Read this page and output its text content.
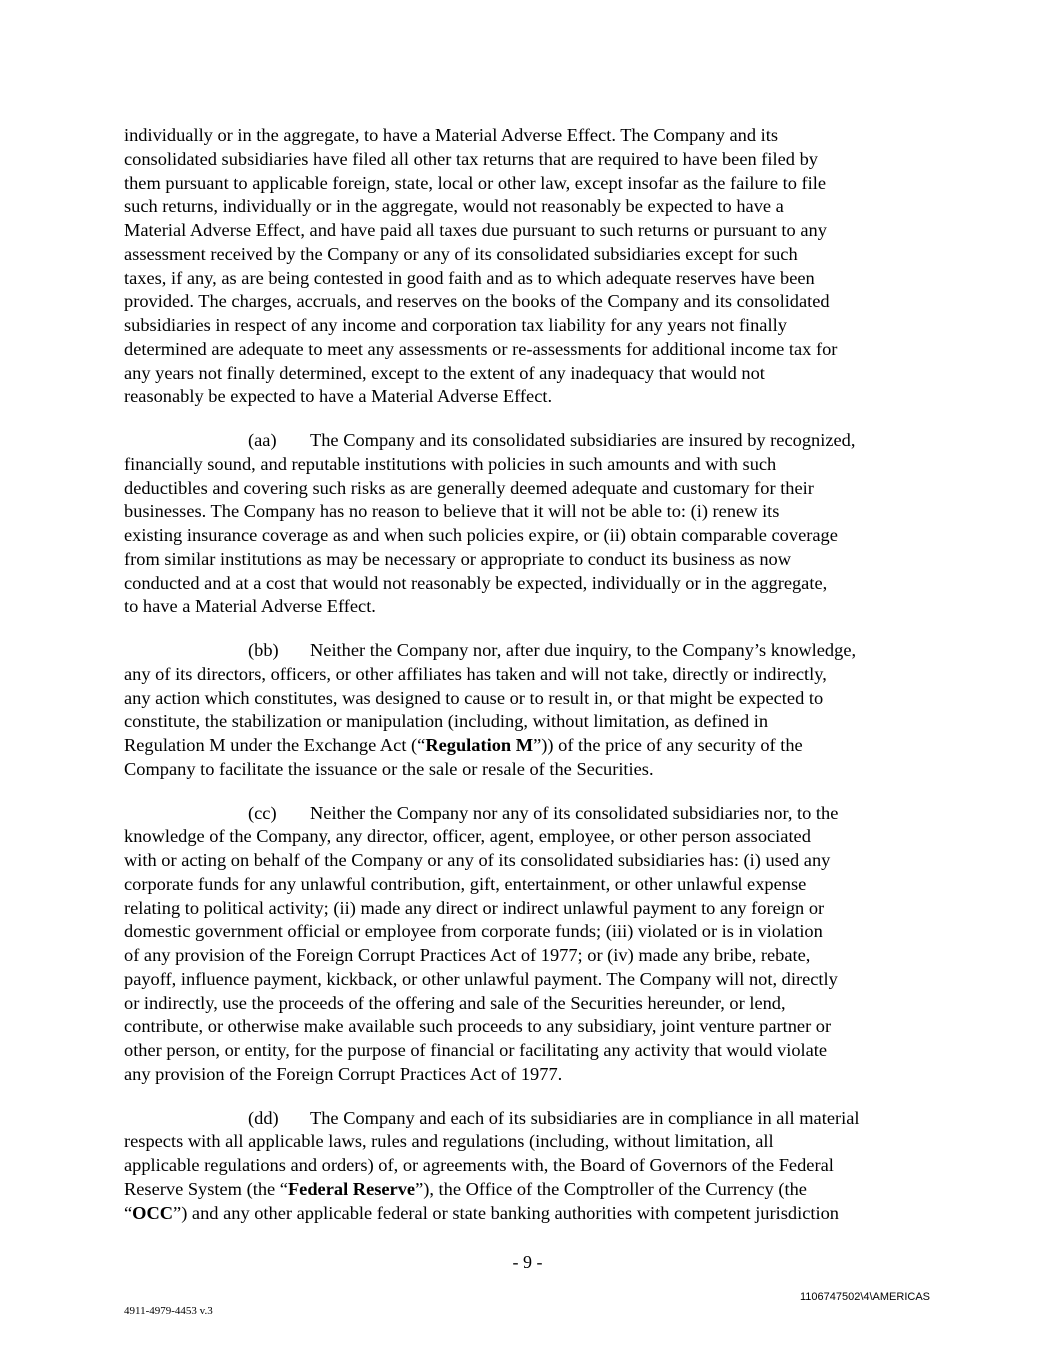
individually or in the aggregate, to have a Material Adverse Effect. The Company and its

consolidated subsidiaries have filed all other tax returns that are required to have been filed by

them pursuant to applicable foreign, state, local or other law, except insofar as the failure to file

such returns, individually or in the aggregate, would not reasonably be expected to have a

Material Adverse Effect, and have paid all taxes due pursuant to such returns or pursuant to any

assessment received by the Company or any of its consolidated subsidiaries except for such

taxes, if any, as are being contested in good faith and as to which adequate reserves have been

provided. The charges, accruals, and reserves on the books of the Company and its consolidated

subsidiaries in respect of any income and corporation tax liability for any years not finally

determined are adequate to meet any assessments or re-assessments for additional income tax for

any years not finally determined, except to the extent of any inadequacy that would not

reasonably be expected to have a Material Adverse Effect.

(aa) The Company and its consolidated subsidiaries are insured by recognized,

financially sound, and reputable institutions with policies in such amounts and with such

deductibles and covering such risks as are generally deemed adequate and customary for their

businesses. The Company has no reason to believe that it will not be able to: (i) renew its

existing insurance coverage as and when such policies expire, or (ii) obtain comparable coverage

from similar institutions as may be necessary or appropriate to conduct its business as now

conducted and at a cost that would not reasonably be expected, individually or in the aggregate,

to have a Material Adverse Effect.

(bb) Neither the Company nor, after due inquiry, to the Company’s knowledge,

any of its directors, officers, or other affiliates has taken and will not take, directly or indirectly,

any action which constitutes, was designed to cause or to result in, or that might be expected to

constitute, the stabilization or manipulation (including, without limitation, as defined in

Regulation M under the Exchange Act (“Regulation M”)) of the price of any security of the

Company to facilitate the issuance or the sale or resale of the Securities.

(cc) Neither the Company nor any of its consolidated subsidiaries nor, to the

knowledge of the Company, any director, officer, agent, employee, or other person associated

with or acting on behalf of the Company or any of its consolidated subsidiaries has: (i) used any

corporate funds for any unlawful contribution, gift, entertainment, or other unlawful expense

relating to political activity; (ii) made any direct or indirect unlawful payment to any foreign or

domestic government official or employee from corporate funds; (iii) violated or is in violation

of any provision of the Foreign Corrupt Practices Act of 1977; or (iv) made any bribe, rebate,

payoff, influence payment, kickback, or other unlawful payment. The Company will not, directly

or indirectly, use the proceeds of the offering and sale of the Securities hereunder, or lend,

contribute, or otherwise make available such proceeds to any subsidiary, joint venture partner or

other person, or entity, for the purpose of financial or facilitating any activity that would violate

any provision of the Foreign Corrupt Practices Act of 1977.

(dd) The Company and each of its subsidiaries are in compliance in all material

respects with all applicable laws, rules and regulations (including, without limitation, all

applicable regulations and orders) of, or agreements with, the Board of Governors of the Federal

Reserve System (the “Federal Reserve”), the Office of the Comptroller of the Currency (the

“OCC”) and any other applicable federal or state banking authorities with competent jurisdiction

- 9 -
4911-4979-4453 v.3
1106747502\4\AMERICAS
